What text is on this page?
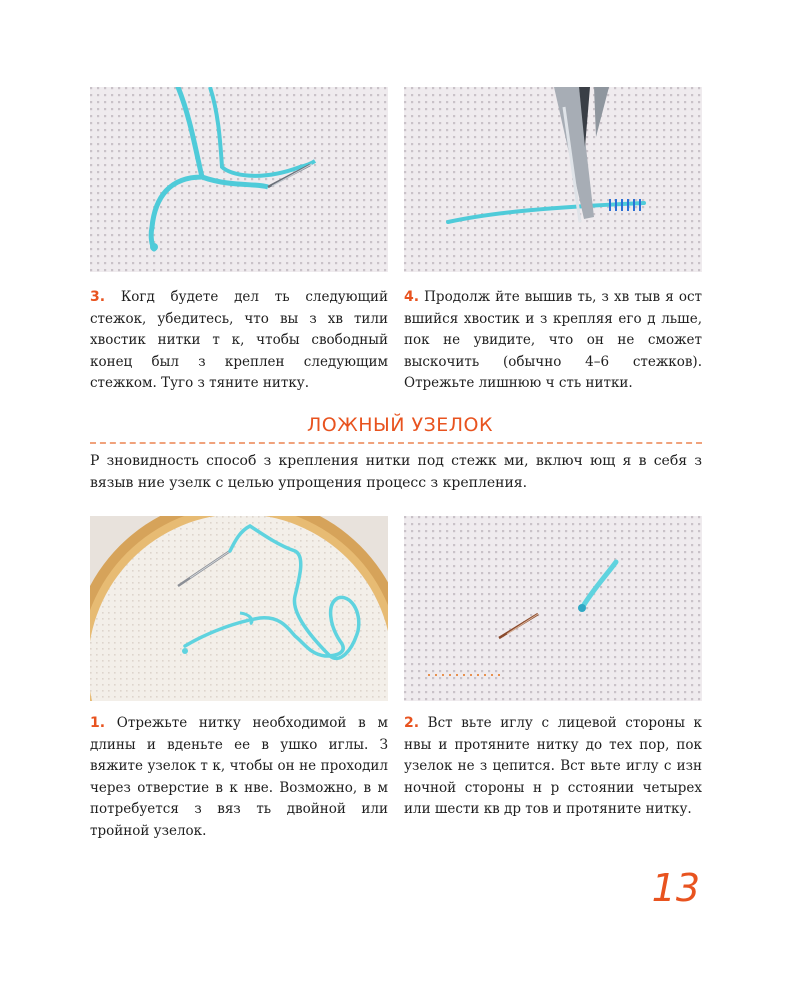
3. Когд будете дел ть следующий стежок, убедитесь, что вы з хв тили хвостик нитки т к, чтобы свободный конец был з креплен следующим стежком. Туго з тяните нитку.

4. Продолж йте вышив ть, з хв тыв я ост вшийся хвостик и з крепляя его д льше, пок не увидите, что он не сможет выскочить (обычно 4–6 стежков). Отрежьте лишнюю ч сть нитки.

ЛОЖНЫЙ УЗЕЛОК

Р зновидность способ з крепления нитки под стежк ми, включ ющ я в себя з вязыв ние узелк с целью упрощения процесс з крепления.

1. Отрежьте нитку необходимой в м длины и вденьте ее в ушко иглы. З вяжите узелок т к, чтобы он не проходил через отверстие в к нве. Возможно, в м потребуется з вяз ть двойной или тройной узелок.

2. Вст вьте иглу с лицевой стороны к нвы и протяните нитку до тех пор, пок узелок не з цепится. Вст вьте иглу с изн ночной стороны н р сстоянии четырех или шести кв др тов и протяните нитку.

13
